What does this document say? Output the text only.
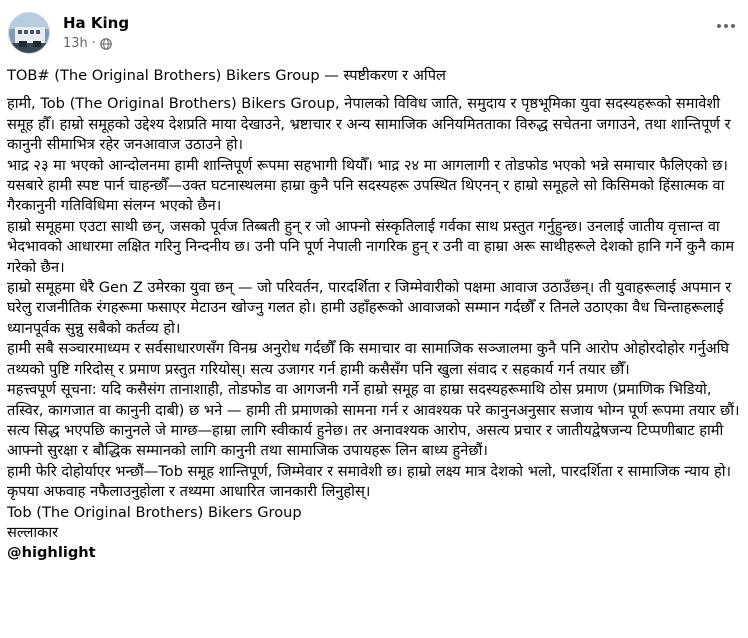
Ha King
13h ·

TOB# (The Original Brothers) Bikers Group — स्पष्टीकरण र अपिल

हामी, Tob (The Original Brothers) Bikers Group, नेपालको विविध जाति, समुदाय र पृष्ठभूमिका युवा सदस्यहरूको समावेशी समूह हौँ। हाम्रो समूहको उद्देश्य देशप्रति माया देखाउने, भ्रष्टाचार र अन्य सामाजिक अनियमितताका विरुद्ध सचेतना जगाउने, तथा शान्तिपूर्ण र कानुनी सीमाभित्र रहेर जनआवाज उठाउने हो।

भाद्र २३ मा भएको आन्दोलनमा हामी शान्तिपूर्ण रूपमा सहभागी थियौँ। भाद्र २४ मा आगलागी र तोडफोड भएको भन्ने समाचार फैलिएको छ। यसबारे हामी स्पष्ट पार्न चाहन्छौँ—उक्त घटनास्थलमा हाम्रा कुनै पनि सदस्यहरू उपस्थित थिएनन् र हाम्रो समूहले सो किसिमको हिंसात्मक वा गैरकानुनी गतिविधिमा संलग्न भएको छैन।

हाम्रो समूहमा एउटा साथी छन्, जसको पूर्वज तिब्बती हुन् र जो आफ्नो संस्कृतिलाई गर्वका साथ प्रस्तुत गर्नुहुन्छ। उनलाई जातीय वृत्तान्त वा भेदभावको आधारमा लक्षित गरिनु निन्दनीय छ। उनी पनि पूर्ण नेपाली नागरिक हुन् र उनी वा हाम्रा अरू साथीहरूले देशको हानि गर्ने कुनै काम गरेको छैन।

हाम्रो समूहमा धेरै Gen Z उमेरका युवा छन् — जो परिवर्तन, पारदर्शिता र जिम्मेवारीको पक्षमा आवाज उठाउँछन्। ती युवाहरूलाई अपमान र घरेलु राजनीतिक रंगहरूमा फसाएर मेटाउन खोज्नु गलत हो। हामी उहाँहरूको आवाजको सम्मान गर्दछौँ र तिनले उठाएका वैध चिन्ताहरूलाई ध्यानपूर्वक सुन्नु सबैको कर्तव्य हो।

हामी सबै सञ्चारमाध्यम र सर्वसाधारणसँग विनम्र अनुरोध गर्दछौँ कि समाचार वा सामाजिक सञ्जालमा कुनै पनि आरोप ओहोरदोहोर गर्नुअघि तथ्यको पुष्टि गरिदोस् र प्रमाण प्रस्तुत गरियोस्। सत्य उजागर गर्न हामी कसैसँग पनि खुला संवाद र सहकार्य गर्न तयार छौँ।

महत्त्वपूर्ण सूचना: यदि कसैसंग तानाशाही, तोडफोड वा आगजनी गर्ने हाम्रो समूह वा हाम्रा सदस्यहरूमाथि ठोस प्रमाण (प्रमाणिक भिडियो, तस्विर, कागजात वा कानुनी दाबी) छ भने — हामी ती प्रमाणको सामना गर्न र आवश्यक परे कानुनअनुसार सजाय भोग्न पूर्ण रूपमा तयार छौं। सत्य सिद्ध भएपछि कानुनले जे माग्छ—हाम्रा लागि स्वीकार्य हुनेछ। तर अनावश्यक आरोप, असत्य प्रचार र जातीयद्वेषजन्य टिप्पणीबाट हामी आफ्नो सुरक्षा र बौद्धिक सम्मानको लागि कानुनी तथा सामाजिक उपायहरू लिन बाध्य हुनेछौं।

हामी फेरि दोहोर्याएर भन्छौं—Tob समूह शान्तिपूर्ण, जिम्मेवार र समावेशी छ। हाम्रो लक्ष्य मात्र देशको भलो, पारदर्शिता र सामाजिक न्याय हो। कृपया अफवाह नफैलाउनुहोला र तथ्यमा आधारित जानकारी लिनुहोस्।

Tob (The Original Brothers) Bikers Group

सल्लाकार

@highlight
